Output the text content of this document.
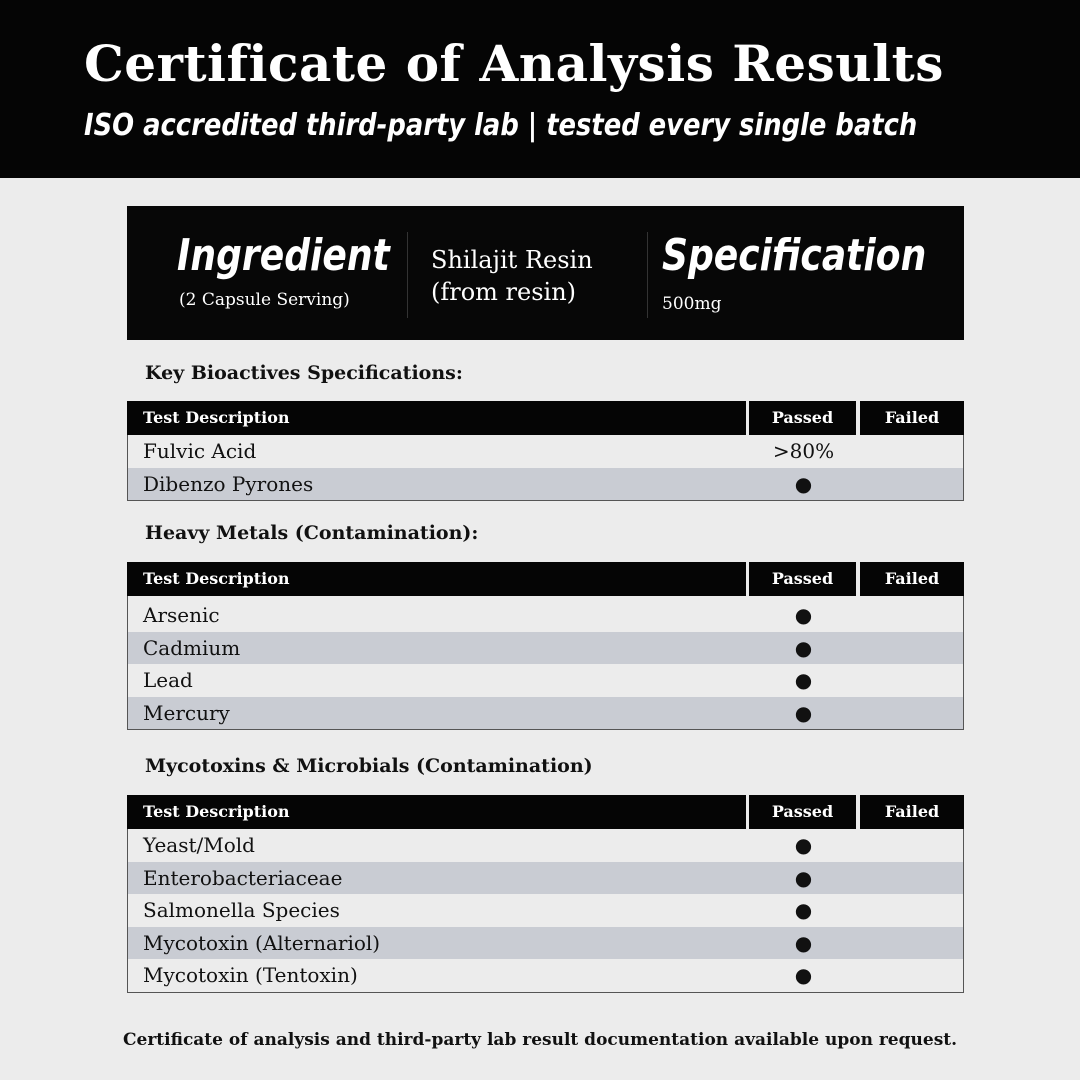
Certificate of Analysis Results
ISO accredited third-party lab | tested every single batch
Ingredient
(2 Capsule Serving)
Shilajit Resin
(from resin)
Specification
500mg
Key Bioactives Specifications:
Test Description	Passed	Failed
Fulvic Acid	>80%
Dibenzo Pyrones	●
Heavy Metals (Contamination):
Test Description	Passed	Failed
Arsenic	●
Cadmium	●
Lead	●
Mercury	●
Mycotoxins & Microbials (Contamination)
Test Description	Passed	Failed
Yeast/Mold	●
Enterobacteriaceae	●
Salmonella Species	●
Mycotoxin (Alternariol)	●
Mycotoxin (Tentoxin)	●
Certificate of analysis and third-party lab result documentation available upon request.
